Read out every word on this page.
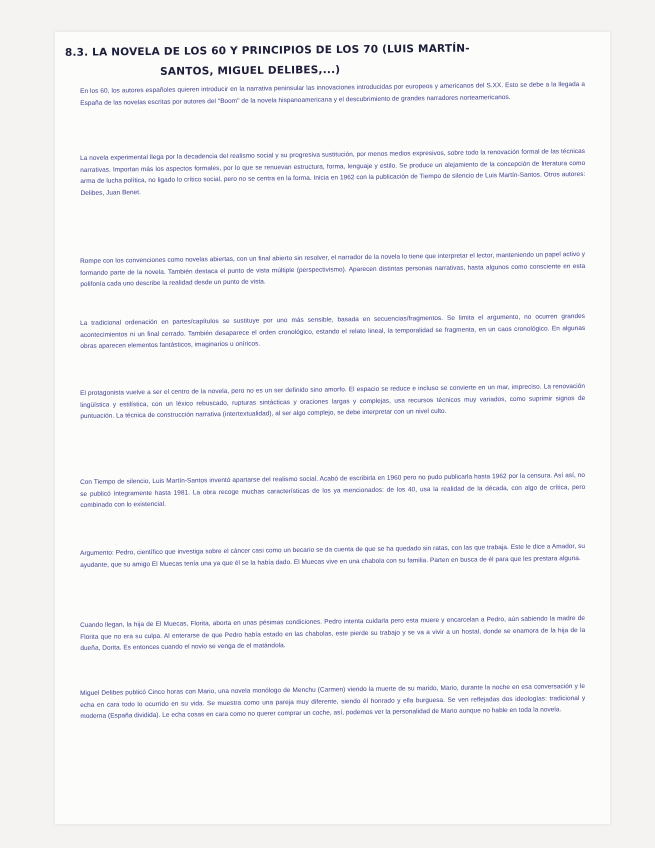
8.3. LA NOVELA DE LOS 60 Y PRINCIPIOS DE LOS 70 (LUIS MARTÍN-
SANTOS, MIGUEL DELIBES,...)
En los 60, los autores españoles quieren introducir en la narrativa peninsular las innovaciones introducidas por europeos y americanos del S.XX. Esto se debe a la llegada a España de las novelas escritas por autores del "Boom" de la novela hispanoamericana y el descubrimiento de grandes narradores norteamericanos.
La novela experimental llega por la decadencia del realismo social y su progresiva sustitución, por menos medios expresivos, sobre todo la renovación formal de las técnicas narrativas. Importan más los aspectos formales, por lo que se renuevan estructura, forma, lenguaje y estilo. Se produce un alejamiento de la concepción de literatura como arma de lucha política, no ligado lo crítico social, pero no se centra en la forma. Inicia en 1962 con la publicación de Tiempo de silencio de Luis Martín-Santos. Otros autores: Delibes, Juan Benet.
Rompe con los convenciones como novelas abiertas, con un final abierto sin resolver, el narrador de la novela lo tiene que interpretar el lector, manteniendo un papel activo y formando parte de la novela. También destaca el punto de vista múltiple (perspectivismo). Aparecen distintas personas narrativas, hasta algunos como consciente en esta polifonía cada uno describe la realidad desde un punto de vista.
La tradicional ordenación en partes/capítulos se sustituye por uno más sensible, basada en secuencias/fragmentos. Se limita el argumento, no ocurren grandes acontecimientos ni un final cerrado. También desaparece el orden cronológico, estando el relato lineal, la temporalidad se fragmenta, en un caos cronológico. En algunas obras aparecen elementos fantásticos, imaginarios u oníricos.
El protagonista vuelve a ser el centro de la novela, pero no es un ser definido sino amorfo. El espacio se reduce e incluso se convierte en un mar, impreciso. La renovación lingüística y estilística, con un léxico rebuscado, rupturas sintácticas y oraciones largas y complejas, usa recursos técnicos muy variados, como suprimir signos de puntuación. La técnica de construcción narrativa (intertextualidad), al ser algo complejo, se debe interpretar con un nivel culto.
Con Tiempo de silencio, Luis Martín-Santos inventó apartarse del realismo social. Acabó de escribirla en 1960 pero no pudo publicarla hasta 1962 por la censura. Así así, no se publicó íntegramente hasta 1981. La obra recoge muchas características de los ya mencionados: de los 40, usa la realidad de la década, con algo de crítica, pero combinado con lo existencial.
Argumento: Pedro, científico que investiga sobre el cáncer casi como un becario se da cuenta de que se ha quedado sin ratas, con las que trabaja. Este le dice a Amador, su ayudante, que su amigo El Muecas tenía una ya que él se la había dado. El Muecas vive en una chabola con su familia. Parten en busca de él para que les prestara alguna.
Cuando llegan, la hija de El Muecas, Florita, aborta en unas pésimas condiciones. Pedro intenta cuidarla pero esta muere y encarcelan a Pedro, aún sabiendo la madre de Florita que no era su culpa. Al enterarse de que Pedro había estado en las chabolas, este pierde su trabajo y se va a vivir a un hostal, donde se enamora de la hija de la dueña, Dorita. Es entonces cuando el novio se venga de el matándola.
Miguel Delibes publicó Cinco horas con Mario, una novela monólogo de Menchu (Carmen) viendo la muerte de su marido, Mario, durante la noche en esa conversación y le echa en cara todo lo ocurrido en su vida. Se muestra como una pareja muy diferente, siendo él honrado y ella burguesa. Se ven reflejadas dos ideologías: tradicional y moderna (España dividida). Le echa cosas en cara como no querer comprar un coche, así, podemos ver la personalidad de Mario aunque no hable en toda la novela.
